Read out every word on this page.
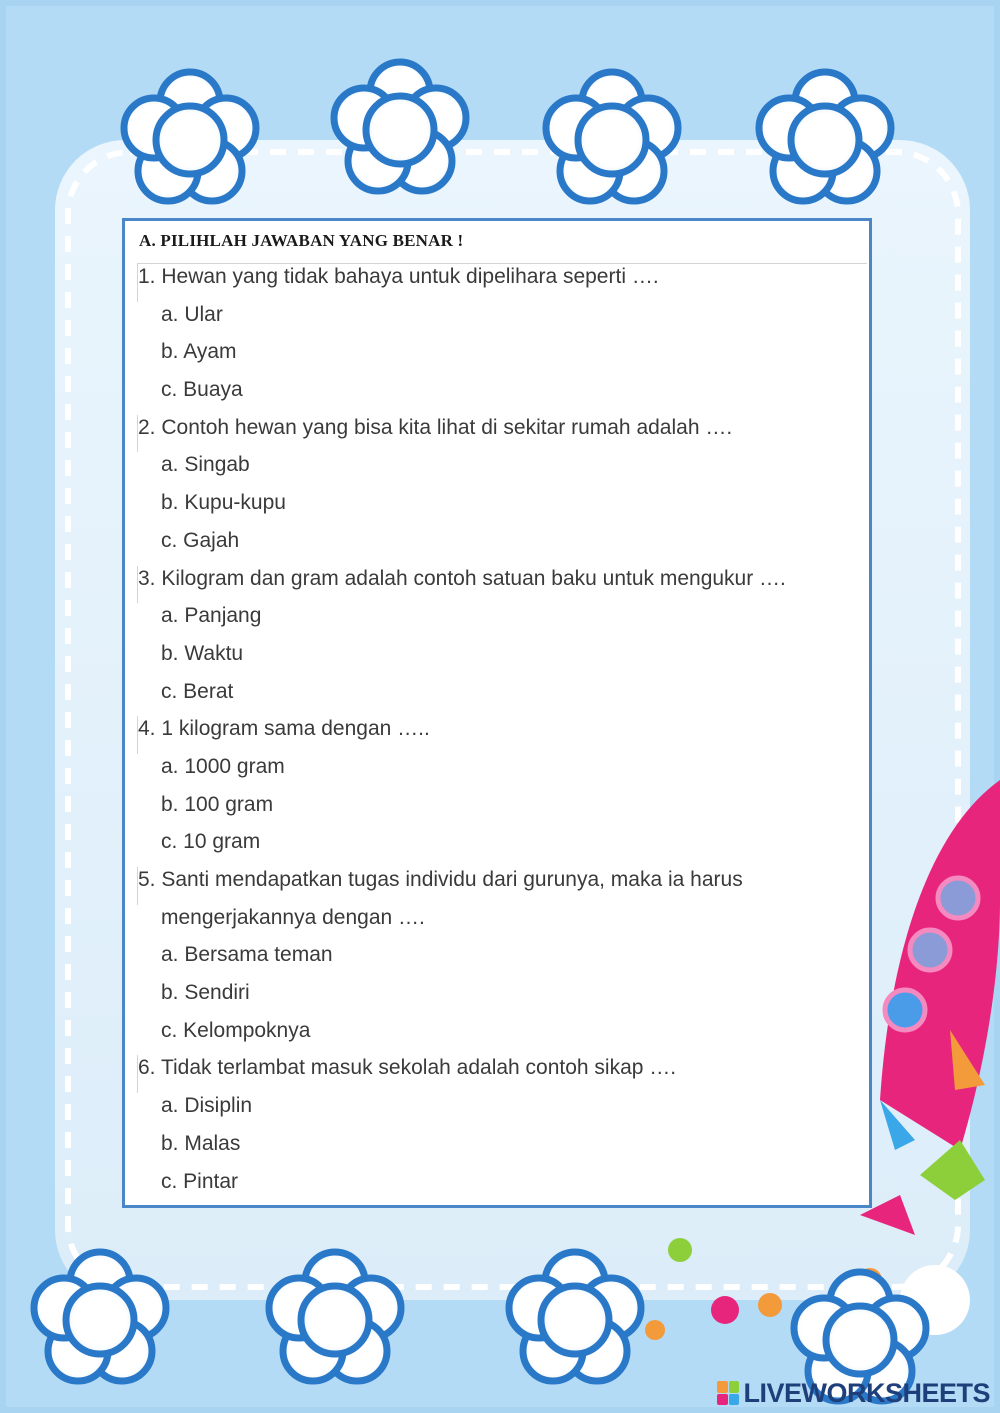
A. PILIHLAH JAWABAN YANG BENAR !
1. Hewan yang tidak bahaya untuk dipelihara seperti ….
a. Ular
b. Ayam
c. Buaya
2. Contoh hewan yang bisa kita lihat di sekitar rumah adalah ….
a. Singab
b. Kupu-kupu
c. Gajah
3. Kilogram dan gram adalah contoh satuan baku untuk mengukur ….
a. Panjang
b. Waktu
c. Berat
4. 1 kilogram sama dengan …..
a. 1000 gram
b. 100 gram
c. 10 gram
5. Santi mendapatkan tugas individu dari gurunya, maka ia harus
mengerjakannya dengan ….
a. Bersama teman
b. Sendiri
c. Kelompoknya
6. Tidak terlambat masuk sekolah adalah contoh sikap ….
a. Disiplin
b. Malas
c. Pintar
LIVEWORKSHEETS
